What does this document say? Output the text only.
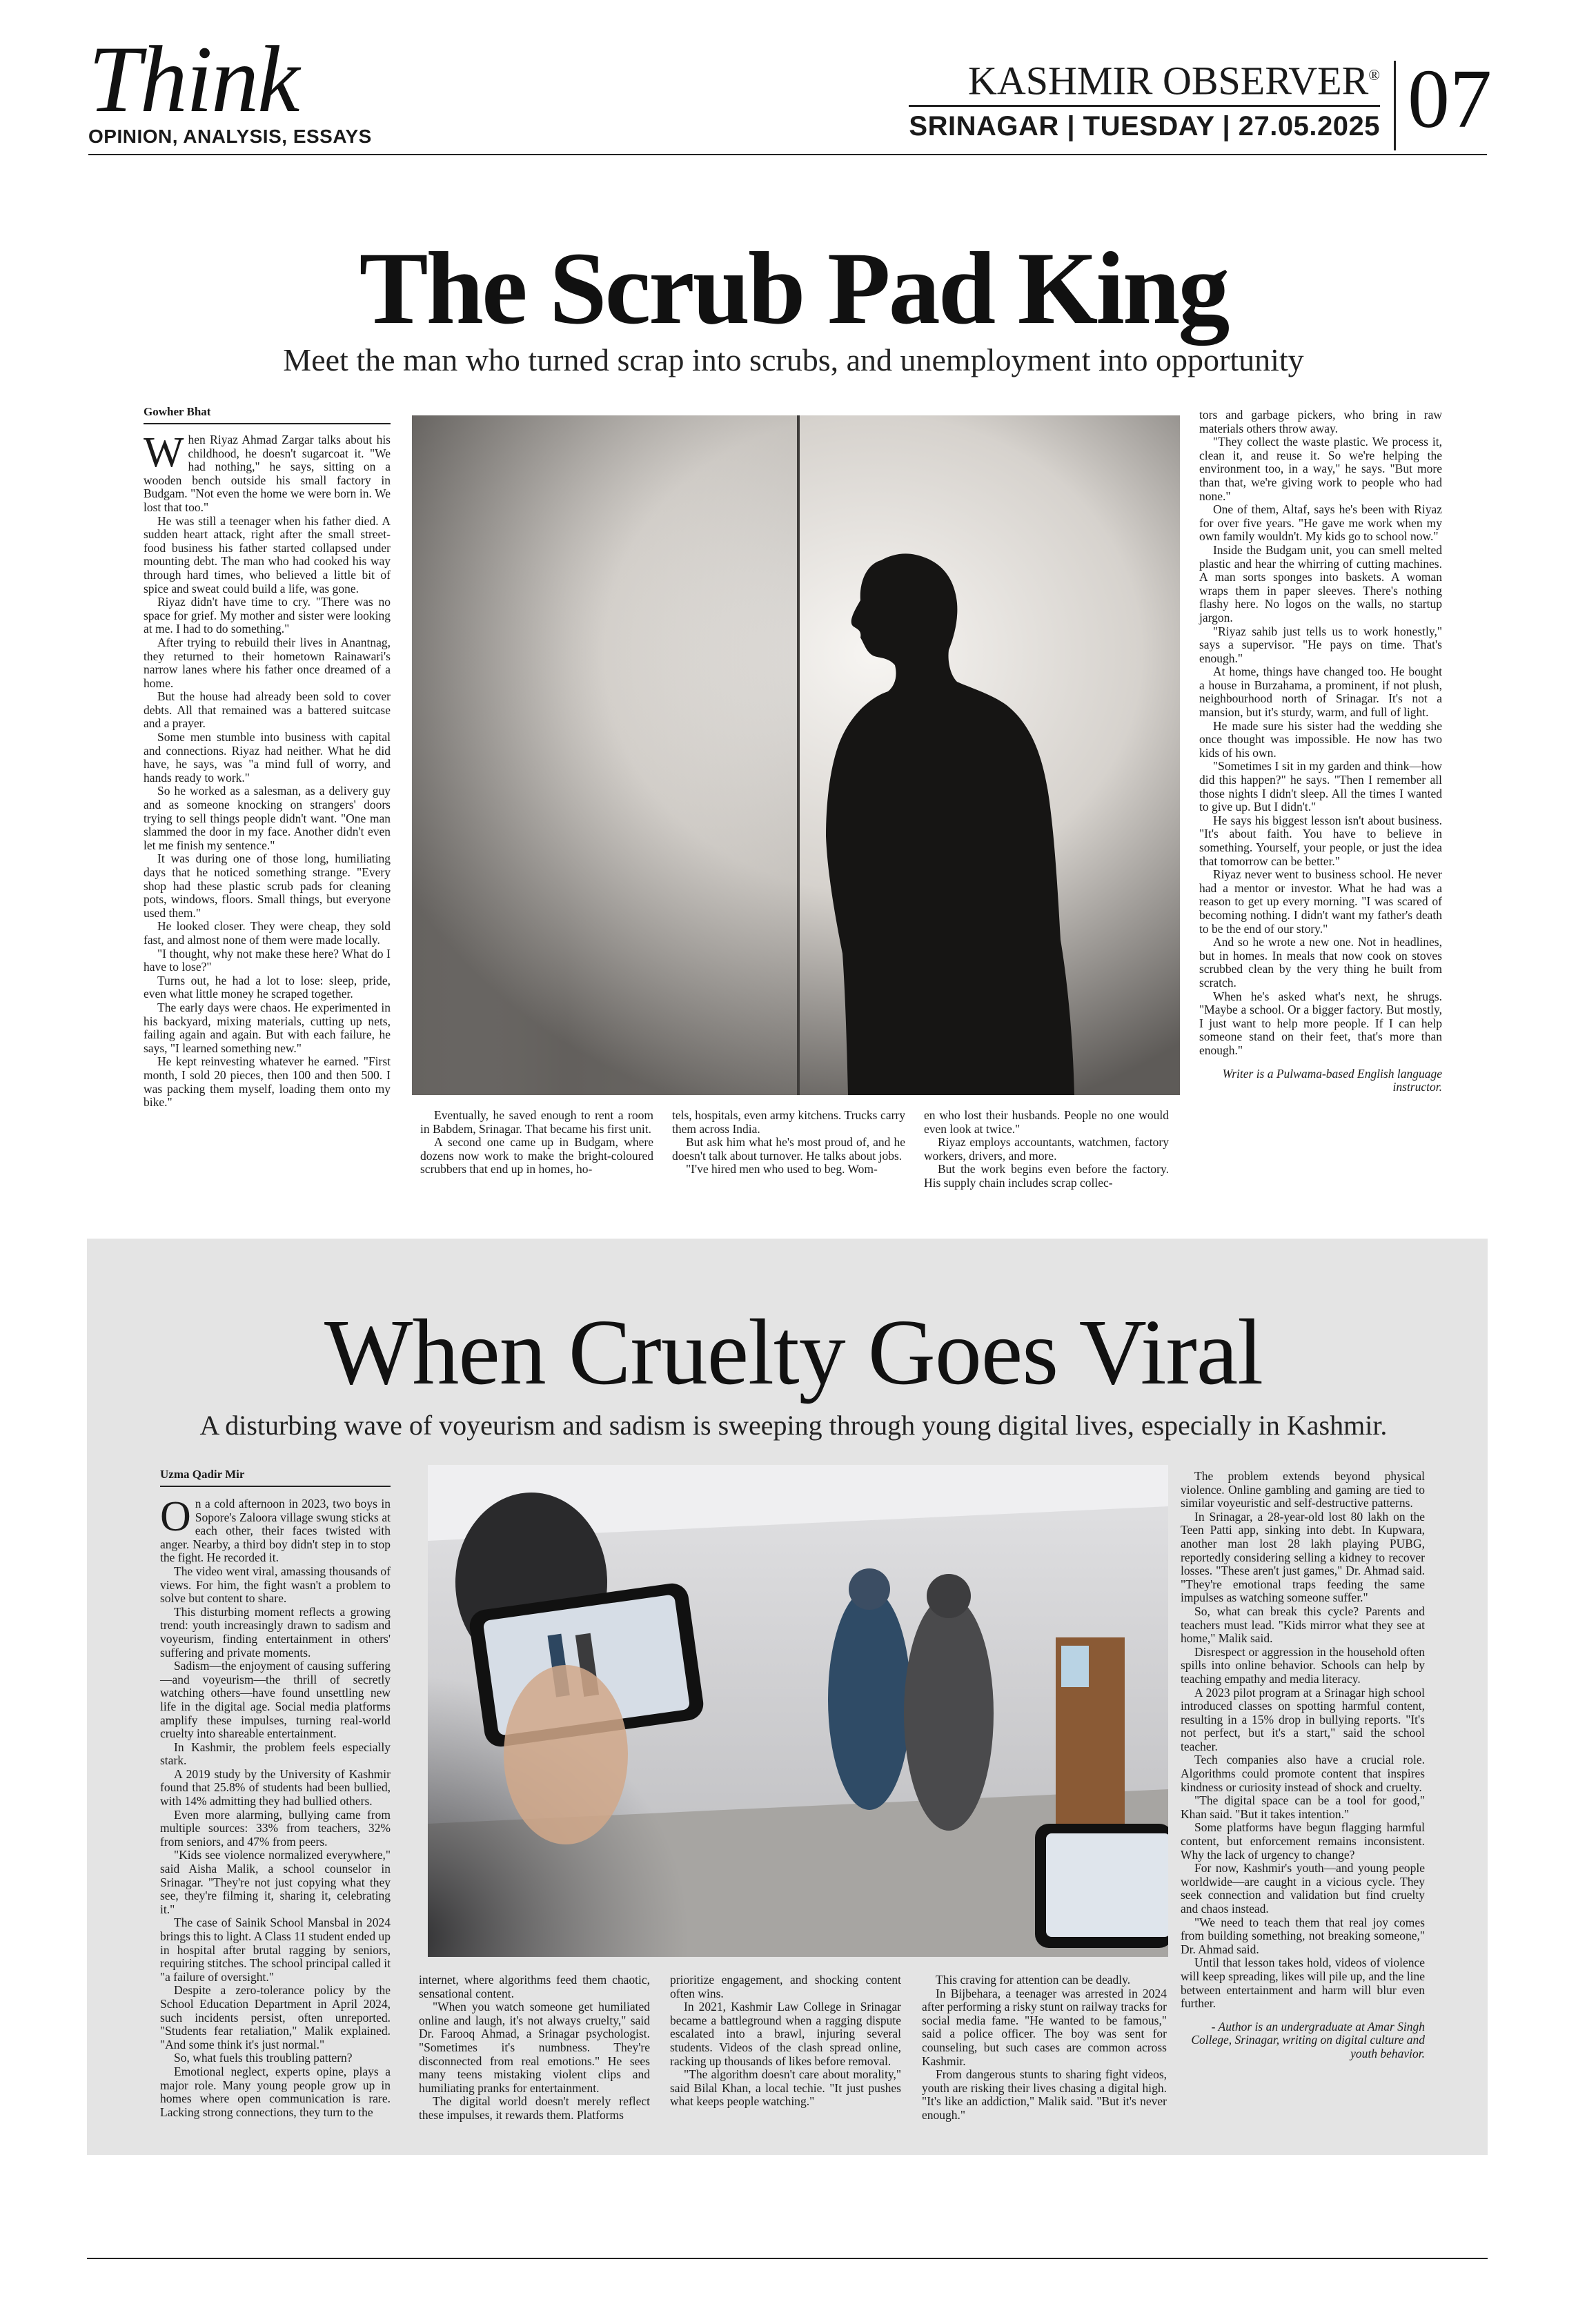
Think
OPINION, ANALYSIS, ESSAYS
KASHMIR OBSERVER®
SRINAGAR | TUESDAY | 27.05.2025 07
The Scrub Pad King
Meet the man who turned scrap into scrubs, and unemployment into opportunity
Gowher Bhat

When Riyaz Ahmad Zargar talks about his childhood, he doesn't sugarcoat it. "We had nothing," he says, sitting on a wooden bench outside his small factory in Budgam. "Not even the home we were born in. We lost that too."

He was still a teenager when his father died. A sudden heart attack, right after the small street-food business his father started collapsed under mounting debt. The man who had cooked his way through hard times, who believed a little bit of spice and sweat could build a life, was gone.

Riyaz didn't have time to cry. "There was no space for grief. My mother and sister were looking at me. I had to do something."

After trying to rebuild their lives in Anantnag, they returned to their hometown Rainawari's narrow lanes where his father once dreamed of a home.

But the house had already been sold to cover debts. All that remained was a battered suitcase and a prayer.

Some men stumble into business with capital and connections. Riyaz had neither. What he did have, he says, was "a mind full of worry, and hands ready to work."

So he worked as a salesman, as a delivery guy and as someone knocking on strangers' doors trying to sell things people didn't want. "One man slammed the door in my face. Another didn't even let me finish my sentence."

It was during one of those long, humiliating days that he noticed something strange. "Every shop had these plastic scrub pads for cleaning pots, windows, floors. Small things, but everyone used them."

He looked closer. They were cheap, they sold fast, and almost none of them were made locally.

"I thought, why not make these here? What do I have to lose?"

Turns out, he had a lot to lose: sleep, pride, even what little money he scraped together.

The early days were chaos. He experimented in his backyard, mixing materials, cutting up nets, failing again and again. But with each failure, he says, "I learned something new."

He kept reinvesting whatever he earned. "First month, I sold 20 pieces, then 100 and then 500. I was packing them myself, loading them onto my bike."

Eventually, he saved enough to rent a room in Babdem, Srinagar. That became his first unit.

A second one came up in Budgam, where dozens now work to make the bright-coloured scrubbers that end up in homes, ho-

tels, hospitals, even army kitchens. Trucks carry them across India.

But ask him what he's most proud of, and he doesn't talk about turnover. He talks about jobs.

"I've hired men who used to beg. Wom-

en who lost their husbands. People no one would even look at twice."

Riyaz employs accountants, watchmen, factory workers, drivers, and more.

But the work begins even before the factory. His supply chain includes scrap collec-

tors and garbage pickers, who bring in raw materials others throw away.

"They collect the waste plastic. We process it, clean it, and reuse it. So we're helping the environment too, in a way," he says. "But more than that, we're giving work to people who had none."

One of them, Altaf, says he's been with Riyaz for over five years. "He gave me work when my own family wouldn't. My kids go to school now."

Inside the Budgam unit, you can smell melted plastic and hear the whirring of cutting machines. A man sorts sponges into baskets. A woman wraps them in paper sleeves. There's nothing flashy here. No logos on the walls, no startup jargon.

"Riyaz sahib just tells us to work honestly," says a supervisor. "He pays on time. That's enough."

At home, things have changed too. He bought a house in Burzahama, a prominent, if not plush, neighbourhood north of Srinagar. It's not a mansion, but it's sturdy, warm, and full of light.

He made sure his sister had the wedding she once thought was impossible. He now has two kids of his own.

"Sometimes I sit in my garden and think—how did this happen?" he says. "Then I remember all those nights I didn't sleep. All the times I wanted to give up. But I didn't."

He says his biggest lesson isn't about business. "It's about faith. You have to believe in something. Yourself, your people, or just the idea that tomorrow can be better."

Riyaz never went to business school. He never had a mentor or investor. What he had was a reason to get up every morning. "I was scared of becoming nothing. I didn't want my father's death to be the end of our story."

And so he wrote a new one. Not in headlines, but in homes. In meals that now cook on stoves scrubbed clean by the very thing he built from scratch.

When he's asked what's next, he shrugs. "Maybe a school. Or a bigger factory. But mostly, I just want to help more people. If I can help someone stand on their feet, that's more than enough."

Writer is a Pulwama-based English language instructor.

When Cruelty Goes Viral
A disturbing wave of voyeurism and sadism is sweeping through young digital lives, especially in Kashmir.
Uzma Qadir Mir

On a cold afternoon in 2023, two boys in Sopore's Zaloora village swung sticks at each other, their faces twisted with anger. Nearby, a third boy didn't step in to stop the fight. He recorded it.

The video went viral, amassing thousands of views. For him, the fight wasn't a problem to solve but content to share.

This disturbing moment reflects a growing trend: youth increasingly drawn to sadism and voyeurism, finding entertainment in others' suffering and private moments.

Sadism—the enjoyment of causing suffering—and voyeurism—the thrill of secretly watching others—have found unsettling new life in the digital age. Social media platforms amplify these impulses, turning real-world cruelty into shareable entertainment.

In Kashmir, the problem feels especially stark.

A 2019 study by the University of Kashmir found that 25.8% of students had been bullied, with 14% admitting they had bullied others.

Even more alarming, bullying came from multiple sources: 33% from teachers, 32% from seniors, and 47% from peers.

"Kids see violence normalized everywhere," said Aisha Malik, a school counselor in Srinagar. "They're not just copying what they see, they're filming it, sharing it, celebrating it."

The case of Sainik School Mansbal in 2024 brings this to light. A Class 11 student ended up in hospital after brutal ragging by seniors, requiring stitches. The school principal called it "a failure of oversight."

Despite a zero-tolerance policy by the School Education Department in April 2024, such incidents persist, often unreported. "Students fear retaliation," Malik explained. "And some think it's just normal."

So, what fuels this troubling pattern?

Emotional neglect, experts opine, plays a major role. Many young people grow up in homes where open communication is rare. Lacking strong connections, they turn to the

internet, where algorithms feed them chaotic, sensational content.

"When you watch someone get humiliated online and laugh, it's not always cruelty," said Dr. Farooq Ahmad, a Srinagar psychologist. "Sometimes it's numbness. They're disconnected from real emotions." He sees many teens mistaking violent clips and humiliating pranks for entertainment.

The digital world doesn't merely reflect these impulses, it rewards them. Platforms

prioritize engagement, and shocking content often wins.

In 2021, Kashmir Law College in Srinagar became a battleground when a ragging dispute escalated into a brawl, injuring several students. Videos of the clash spread online, racking up thousands of likes before removal.

"The algorithm doesn't care about morality," said Bilal Khan, a local techie. "It just pushes what keeps people watching."

This craving for attention can be deadly.

In Bijbehara, a teenager was arrested in 2024 after performing a risky stunt on railway tracks for social media fame. "He wanted to be famous," said a police officer. The boy was sent for counseling, but such cases are common across Kashmir.

From dangerous stunts to sharing fight videos, youth are risking their lives chasing a digital high. "It's like an addiction," Malik said. "But it's never enough."

The problem extends beyond physical violence. Online gambling and gaming are tied to similar voyeuristic and self-destructive patterns.

In Srinagar, a 28-year-old lost 80 lakh on the Teen Patti app, sinking into debt. In Kupwara, another man lost 28 lakh playing PUBG, reportedly considering selling a kidney to recover losses. "These aren't just games," Dr. Ahmad said. "They're emotional traps feeding the same impulses as watching someone suffer."

So, what can break this cycle? Parents and teachers must lead. "Kids mirror what they see at home," Malik said.

Disrespect or aggression in the household often spills into online behavior. Schools can help by teaching empathy and media literacy.

A 2023 pilot program at a Srinagar high school introduced classes on spotting harmful content, resulting in a 15% drop in bullying reports. "It's not perfect, but it's a start," said the school teacher.

Tech companies also have a crucial role. Algorithms could promote content that inspires kindness or curiosity instead of shock and cruelty.

"The digital space can be a tool for good," Khan said. "But it takes intention."

Some platforms have begun flagging harmful content, but enforcement remains inconsistent. Why the lack of urgency to change?

For now, Kashmir's youth—and young people worldwide—are caught in a vicious cycle. They seek connection and validation but find cruelty and chaos instead.

"We need to teach them that real joy comes from building something, not breaking someone," Dr. Ahmad said.

Until that lesson takes hold, videos of violence will keep spreading, likes will pile up, and the line between entertainment and harm will blur even further.

- Author is an undergraduate at Amar Singh College, Srinagar, writing on digital culture and youth behavior.
